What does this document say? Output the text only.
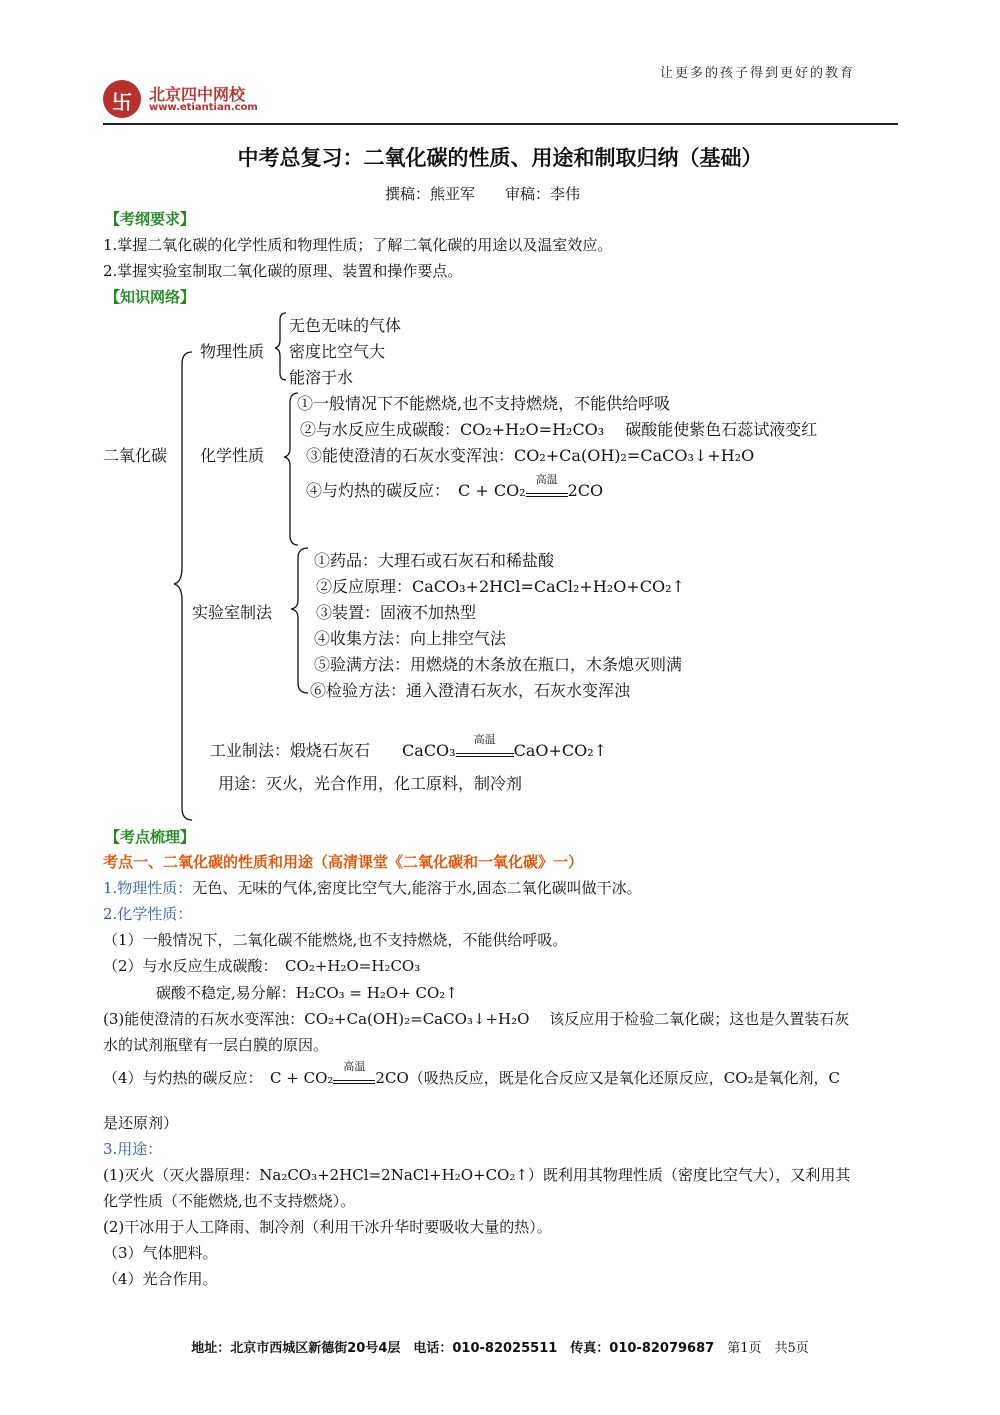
让更多的孩子得到更好的教育
卐 北京四中网校
www.etiantian.com
中考总复习：二氧化碳的性质、用途和制取归纳（基础）
撰稿：熊亚军　　审稿：李伟
【考纲要求】
1.掌握二氧化碳的化学性质和物理性质；了解二氧化碳的用途以及温室效应。
2.掌握实验室制取二氧化碳的原理、装置和操作要点。
【知识网络】
二氧化碳
物理性质
无色无味的气体
密度比空气大
能溶于水
化学性质
①一般情况下不能燃烧,也不支持燃烧，不能供给呼吸
②与水反应生成碳酸：CO₂+H₂O=H₂CO₃　 碳酸能使紫色石蕊试液变红
③能使澄清的石灰水变浑浊：CO₂+Ca(OH)₂=CaCO₃↓+H₂O
④与灼热的碳反应：　C + CO₂
高温
2CO
实验室制法
①药品：大理石或石灰石和稀盐酸
②反应原理：CaCO₃+2HCl=CaCl₂+H₂O+CO₂↑
③装置：固液不加热型
④收集方法：向上排空气法
⑤验满方法：用燃烧的木条放在瓶口，木条熄灭则满
⑥检验方法：通入澄清石灰水，石灰水变浑浊
工业制法：煅烧石灰石　　 CaCO₃
高温
CaO+CO₂↑
用途：灭火，光合作用，化工原料，制冷剂
【考点梳理】
考点一、二氧化碳的性质和用途（高清课堂《二氧化碳和一氧化碳》一）
1.物理性质：无色、无味的气体,密度比空气大,能溶于水,固态二氧化碳叫做干冰。
2.化学性质：
（1）一般情况下，二氧化碳不能燃烧,也不支持燃烧，不能供给呼吸。
（2）与水反应生成碳酸：　CO₂+H₂O=H₂CO₃
碳酸不稳定,易分解：H₂CO₃ = H₂O+ CO₂↑
(3)能使澄清的石灰水变浑浊：CO₂+Ca(OH)₂=CaCO₃↓+H₂O　 该反应用于检验二氧化碳；这也是久置装石灰
水的试剂瓶壁有一层白膜的原因。
（4）与灼热的碳反应：　C + CO₂
高温
2CO（吸热反应，既是化合反应又是氧化还原反应，CO₂是氧化剂，C
是还原剂）
3.用途：
(1)灭火（灭火器原理：Na₂CO₃+2HCl=2NaCl+H₂O+CO₂↑）既利用其物理性质（密度比空气大），又利用其
化学性质（不能燃烧,也不支持燃烧）。
(2)干冰用于人工降雨、制冷剂（利用干冰升华时要吸收大量的热）。
（3）气体肥料。
（4）光合作用。
地址：北京市西城区新德街20号4层　电话：010-82025511　传真：010-82079687　 第1页　共5页
